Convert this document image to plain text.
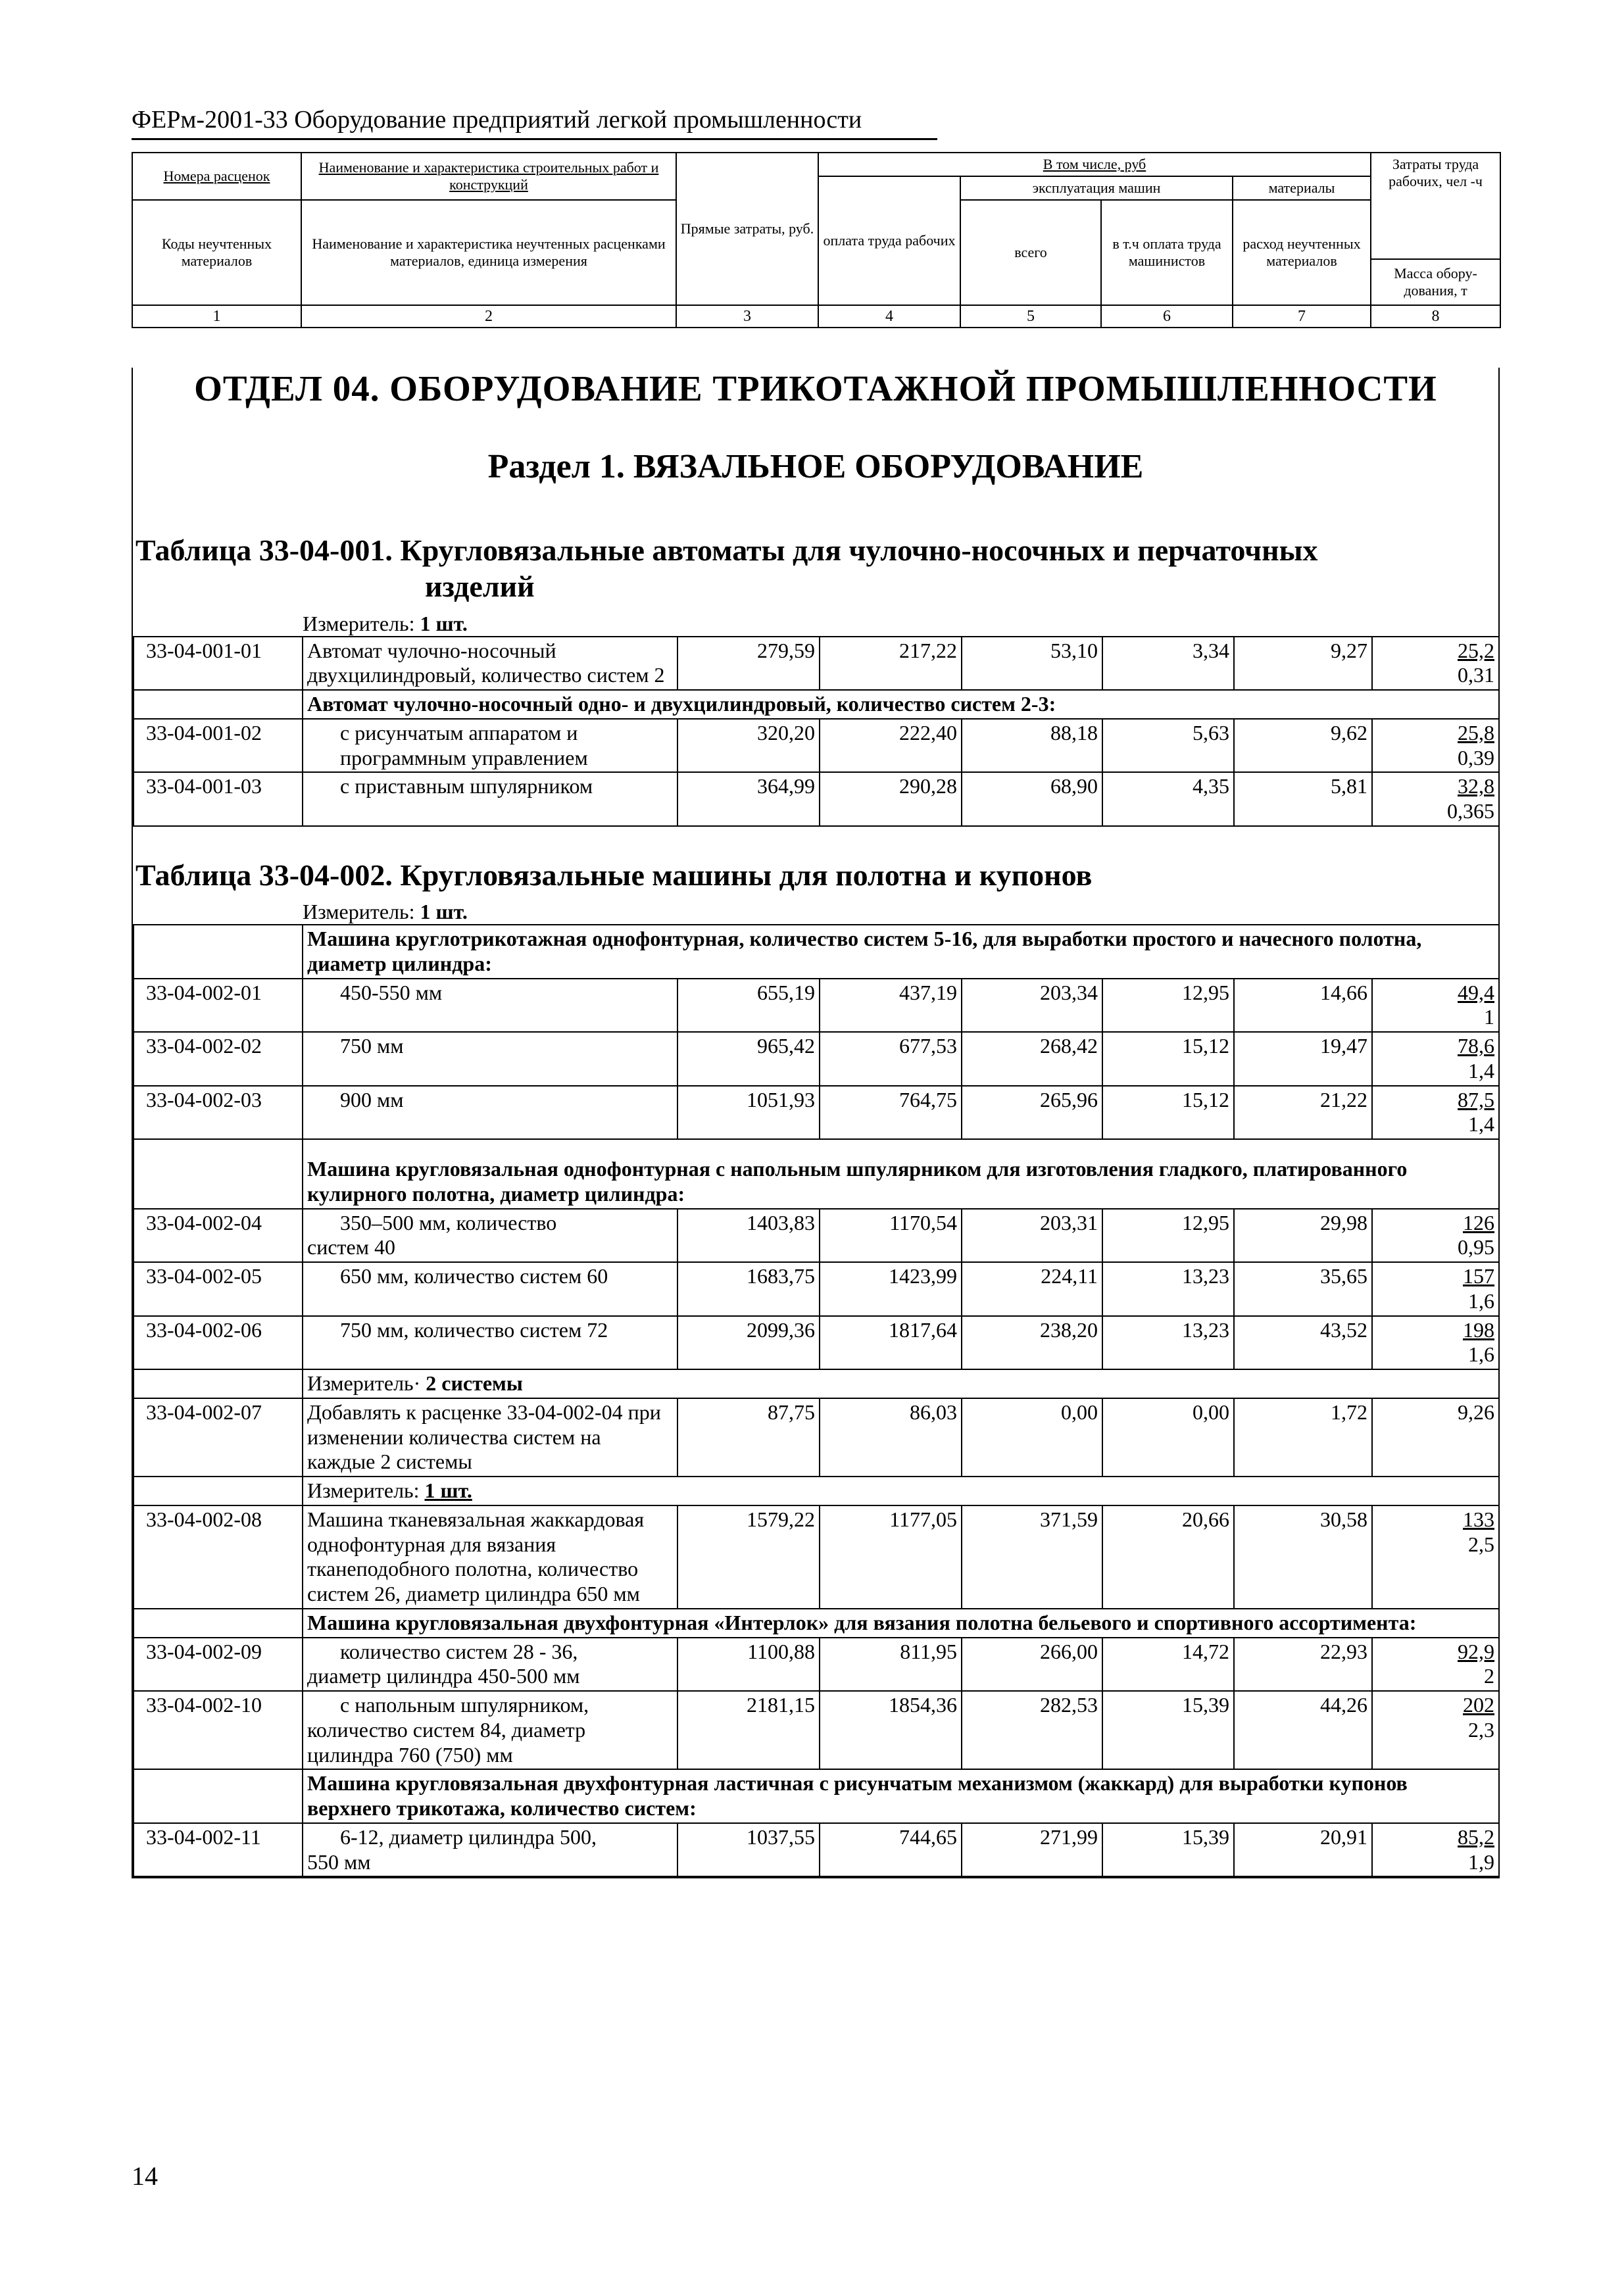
ФЕРм-2001-33 Оборудование предприятий легкой промышленности
Номера расценок	Наименование и характеристика строительных работ и конструкций	Прямые затраты, руб.	В том числе, руб				Затраты труда рабочих, чел -ч
			оплата труда рабочих	эксплуатация машин		материалы	
Коды неучтенных материалов	Наименование и характеристика неучтенных расценками материалов, единица измерения			всего	в т.ч оплата труда машинистов	расход неучтенных материалов	
							Масса обору-дования, т
1	2	3	4	5	6	7	8
ОТДЕЛ 04. ОБОРУДОВАНИЕ ТРИКОТАЖНОЙ ПРОМЫШЛЕННОСТИ
Раздел 1. ВЯЗАЛЬНОЕ ОБОРУДОВАНИЕ
Таблица 33-04-001. Кругловязальные автоматы для чулочно-носочных и перчаточных
изделий
Измеритель: 1 шт.
33-04-001-01	Автомат чулочно-носочный двухцилиндровый, количество систем 2	279,59	217,22	53,10	3,34	9,27	25,2
0,31
	Автомат чулочно-носочный одно- и двухцилиндровый, количество систем 2-3:						
33-04-001-02	с рисунчатым аппаратом и программным управлением	320,20	222,40	88,18	5,63	9,62	25,8
0,39
33-04-001-03	с приставным шпулярником	364,99	290,28	68,90	4,35	5,81	32,8
0,365
Таблица 33-04-002. Кругловязальные машины для полотна и купонов
Измеритель: 1 шт.
	Машина круглотрикотажная однофонтурная, количество систем 5-16, для выработки простого и начесного полотна, диаметр цилиндра:						
33-04-002-01	450-550 мм	655,19	437,19	203,34	12,95	14,66	49,4
1
33-04-002-02	750 мм	965,42	677,53	268,42	15,12	19,47	78,6
1,4
33-04-002-03	900 мм	1051,93	764,75	265,96	15,12	21,22	87,5
1,4
	Машина кругловязальная однофонтурная с напольным шпулярником для изготовления гладкого, платированного кулирного полотна, диаметр цилиндра:						
33-04-002-04	350–500 мм, количество
систем 40	1403,83	1170,54	203,31	12,95	29,98	126
0,95
33-04-002-05	650 мм, количество систем 60	1683,75	1423,99	224,11	13,23	35,65	157
1,6
33-04-002-06	750 мм, количество систем 72	2099,36	1817,64	238,20	13,23	43,52	198
1,6
	Измеритель· 2 системы						
33-04-002-07	Добавлять к расценке 33-04-002-04 при изменении количества систем на каждые 2 системы	87,75	86,03	0,00	0,00	1,72	9,26
	Измеритель: 1 шт.						
33-04-002-08	Машина тканевязальная жаккардовая однофонтурная для вязания тканеподобного полотна, количество систем 26, диаметр цилиндра 650 мм	1579,22	1177,05	371,59	20,66	30,58	133
2,5
	Машина кругловязальная двухфонтурная «Интерлок» для вязания полотна бельевого и спортивного ассортимента:						
33-04-002-09	количество систем 28 - 36,
диаметр цилиндра 450-500 мм	1100,88	811,95	266,00	14,72	22,93	92,9
2
33-04-002-10	с напольным шпулярником,
количество систем 84, диаметр цилиндра 760 (750) мм	2181,15	1854,36	282,53	15,39	44,26	202
2,3
	Машина кругловязальная двухфонтурная ластичная с рисунчатым механизмом (жаккард) для выработки купонов верхнего трикотажа, количество систем:						
33-04-002-11	6-12, диаметр цилиндра 500,
550 мм	1037,55	744,65	271,99	15,39	20,91	85,2
1,9
14
